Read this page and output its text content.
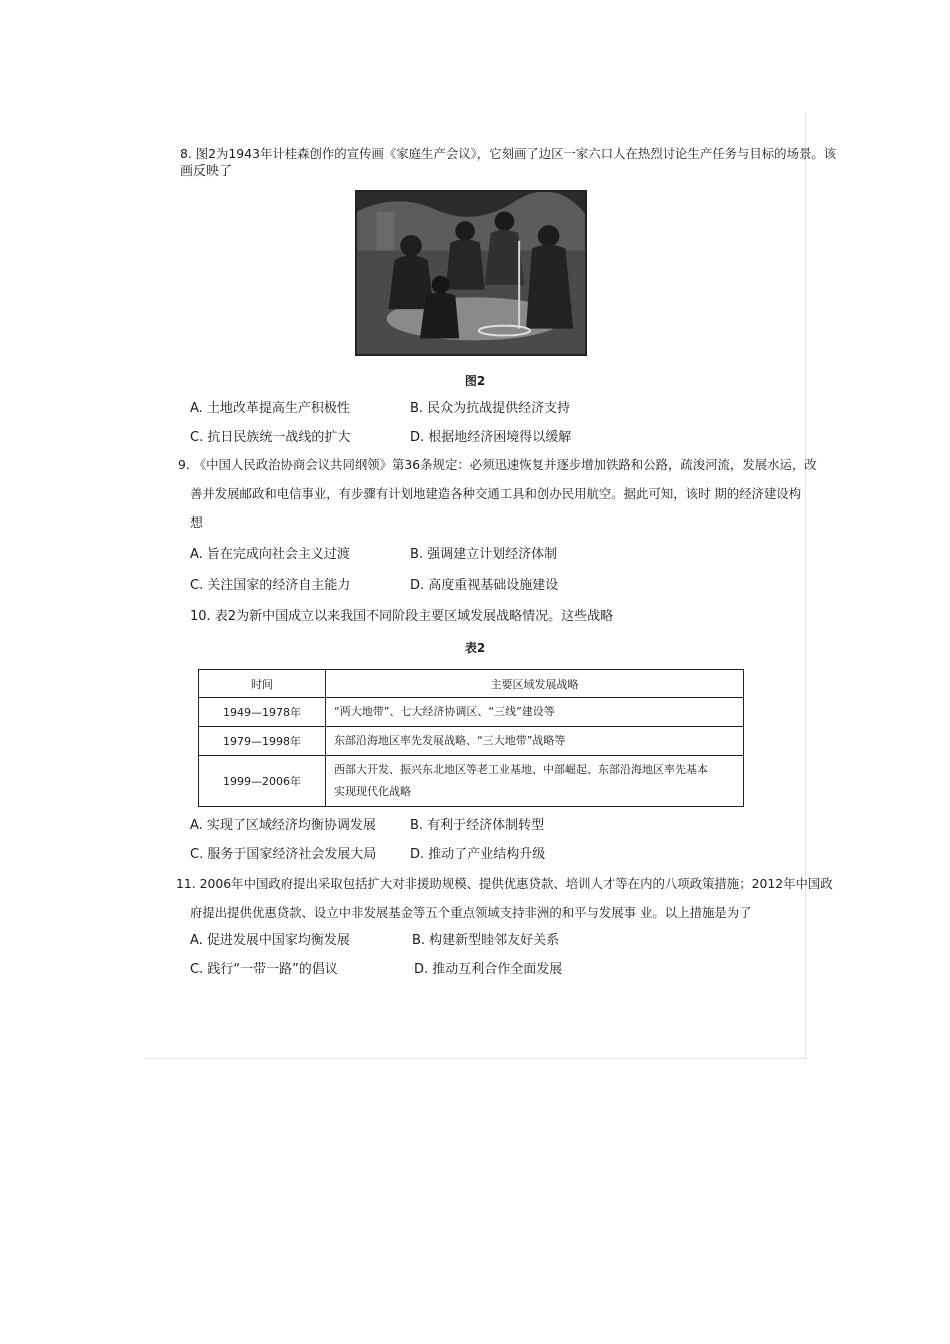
8. 图2为1943年计桂森创作的宣传画《家庭生产会议》，它刻画了边区一家六口人在热烈讨论生产任务与目标的场景。该
画反映了
图2
A. 土地改革提高生产积极性	B. 民众为抗战提供经济支持
C. 抗日民族统一战线的扩大	D. 根据地经济困境得以缓解
9. 《中国人民政治协商会议共同纲领》第36条规定：必须迅速恢复并逐步增加铁路和公路，疏浚河流，发展水运，改
善并发展邮政和电信事业，有步骤有计划地建造各种交通工具和创办民用航空。据此可知，该时 期的经济建设构
想
A. 旨在完成向社会主义过渡	B. 强调建立计划经济体制
C. 关注国家的经济自主能力	D. 高度重视基础设施建设
10. 表2为新中国成立以来我国不同阶段主要区域发展战略情况。这些战略
表2
时间	主要区域发展战略
1949—1978年	“两大地带”、七大经济协调区、“三线”建设等
1979—1998年	东部沿海地区率先发展战略、“三大地带”战略等
1999—2006年	西部大开发、振兴东北地区等老工业基地、中部崛起、东部沿海地区率先基本
实现现代化战略
A. 实现了区域经济均衡协调发展	B. 有利于经济体制转型
C. 服务于国家经济社会发展大局	D. 推动了产业结构升级
11. 2006年中国政府提出采取包括扩大对非援助规模、提供优惠贷款、培训人才等在内的八项政策措施；2012年中国政
府提出提供优惠贷款、设立中非发展基金等五个重点领域支持非洲的和平与发展事 业。以上措施是为了
A. 促进发展中国家均衡发展	B. 构建新型睦邻友好关系
C. 践行“一带一路”的倡议	D. 推动互利合作全面发展
